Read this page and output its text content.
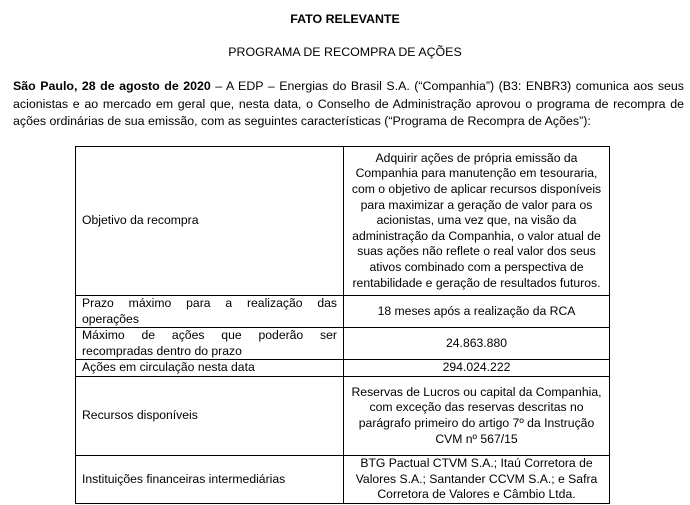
FATO RELEVANTE
PROGRAMA DE RECOMPRA DE AÇÕES

São Paulo, 28 de agosto de 2020 – A EDP – Energias do Brasil S.A. (“Companhia”) (B3: ENBR3) comunica aos seus acionistas e ao mercado em geral que, nesta data, o Conselho de Administração aprovou o programa de recompra de ações ordinárias de sua emissão, com as seguintes características (“Programa de Recompra de Ações”):

Objetivo da recompra	Adquirir ações de própria emissão da Companhia para manutenção em tesouraria, com o objetivo de aplicar recursos disponíveis para maximizar a geração de valor para os acionistas, uma vez que, na visão da administração da Companhia, o valor atual de suas ações não reflete o real valor dos seus ativos combinado com a perspectiva de rentabilidade e geração de resultados futuros.

Prazo máximo para a realização das
operações	18 meses após a realização da RCA

Máximo de ações que poderão ser
recompradas dentro do prazo	24.863.880
Ações em circulação nesta data	294.024.222
Recursos disponíveis	Reservas de Lucros ou capital da Companhia, com exceção das reservas descritas no parágrafo primeiro do artigo 7º da Instrução CVM nº 567/15
Instituições financeiras intermediárias	BTG Pactual CTVM S.A.; Itaú Corretora de Valores S.A.; Santander CCVM S.A.; e Safra Corretora de Valores e Câmbio Ltda.
